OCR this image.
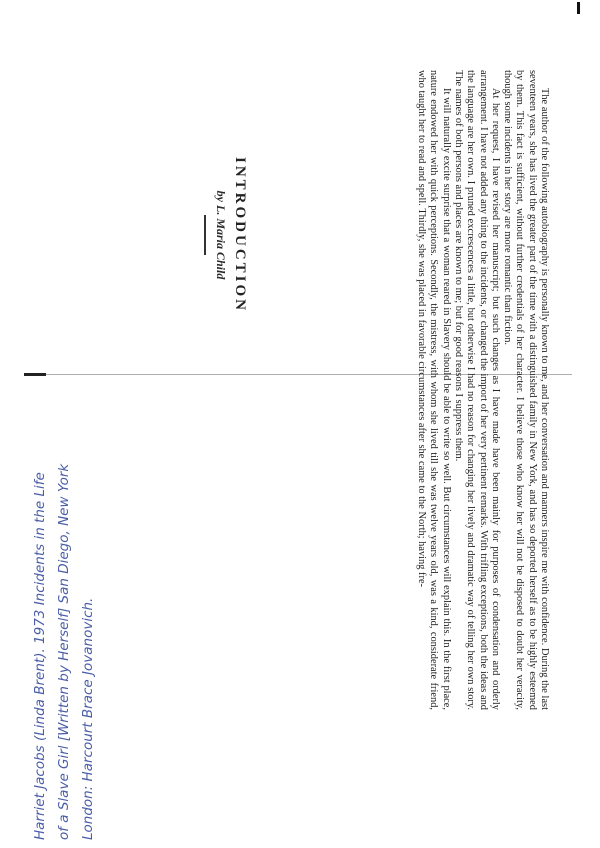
The author of the following autobiography is personally known to me, and her conversation and manners inspire me with confidence. During the last seventeen years, she has lived the greater part of the time with a distinguished family in New York, and has so deported herself as to be highly esteemed by them. This fact is sufficient, without further credentials of her character. I believe those who know her will not be disposed to doubt her veracity, though some incidents in her story are more romantic than fiction.

At her request, I have revised her manuscript; but such changes as I have made have been mainly for purposes of condensation and orderly arrangement. I have not added any thing to the incidents, or changed the import of her very pertinent remarks. With trifling exceptions, both the ideas and the language are her own. I pruned excrescences a little, but otherwise I had no reason for changing her lively and dramatic way of telling her own story. The names of both persons and places are known to me; but for good reasons I suppress them.

It will naturally excite surprise that a woman reared in Slavery should be able to write so well. But circumstances will explain this. In the first place, nature endowed her with quick perceptions. Secondly, the mistress, with whom she lived till she was twelve years old, was a kind, considerate friend, who taught her to read and spell. Thirdly, she was placed in favorable circumstances after she came to the North; having fre-

INTRODUCTION
by L. Maria Child
Harriet Jacobs (Linda Brent). 1973 Incidents in the Life of a Slave Girl [Written by Herself] San Diego, New York London: Harcourt Brace Jovanovich.
